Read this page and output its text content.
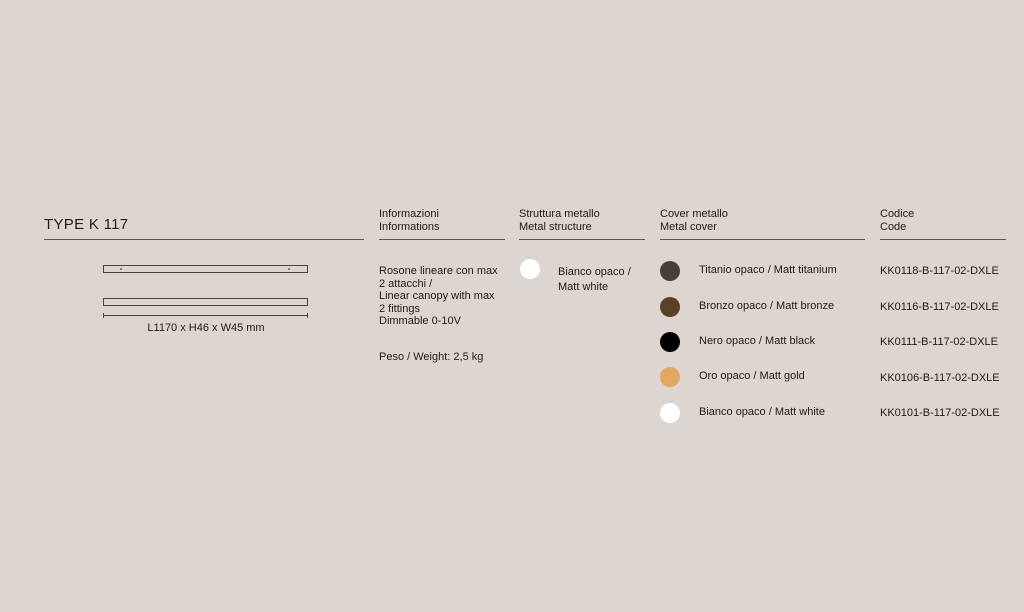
TYPE K 117
Informazioni
Informations
Struttura metallo
Metal structure
Cover metallo
Metal cover
Codice
Code
L1170 x H46 x W45 mm
Rosone lineare con max
2 attacchi /
Linear canopy with max
2 fittings
Dimmable 0-10V
Peso / Weight: 2,5 kg
Bianco opaco /
Matt white
Titanio opaco / Matt titanium
Bronzo opaco / Matt bronze
Nero opaco / Matt black
Oro opaco / Matt gold
Bianco opaco / Matt white
KK0118-B-117-02-DXLE
KK0116-B-117-02-DXLE
KK0111-B-117-02-DXLE
KK0106-B-117-02-DXLE
KK0101-B-117-02-DXLE
